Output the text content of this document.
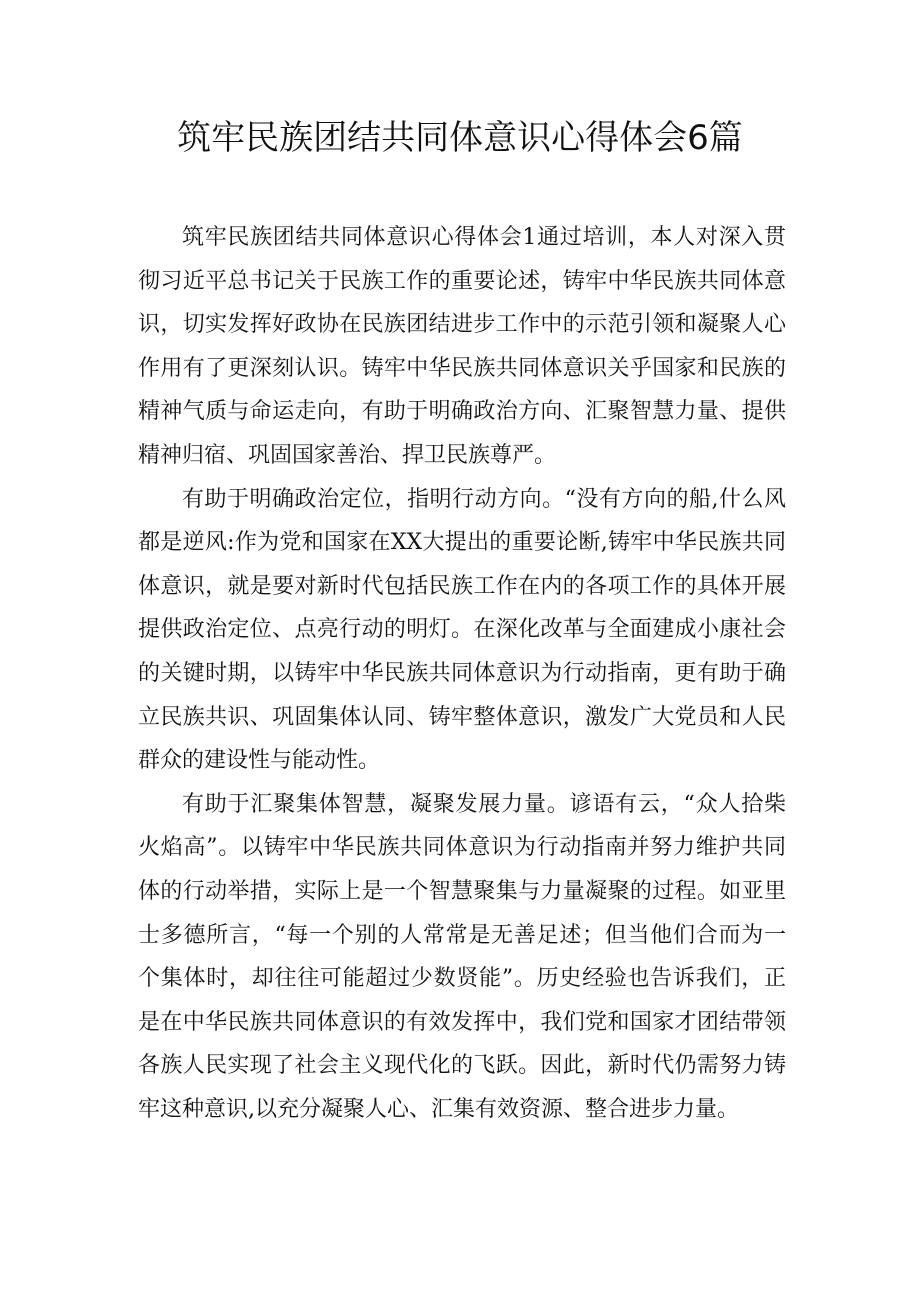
筑牢民族团结共同体意识心得体会6篇

筑牢民族团结共同体意识心得体会1通过培训，本人对深入贯彻习近平总书记关于民族工作的重要论述，铸牢中华民族共同体意识，切实发挥好政协在民族团结进步工作中的示范引领和凝聚人心作用有了更深刻认识。铸牢中华民族共同体意识关乎国家和民族的精神气质与命运走向，有助于明确政治方向、汇聚智慧力量、提供精神归宿、巩固国家善治、捍卫民族尊严。

有助于明确政治定位，指明行动方向。“没有方向的船,什么风都是逆风:作为党和国家在XX大提出的重要论断,铸牢中华民族共同体意识，就是要对新时代包括民族工作在内的各项工作的具体开展提供政治定位、点亮行动的明灯。在深化改革与全面建成小康社会的关键时期，以铸牢中华民族共同体意识为行动指南，更有助于确立民族共识、巩固集体认同、铸牢整体意识，激发广大党员和人民群众的建设性与能动性。

有助于汇聚集体智慧，凝聚发展力量。谚语有云，“众人拾柴火焰高”。以铸牢中华民族共同体意识为行动指南并努力维护共同体的行动举措，实际上是一个智慧聚集与力量凝聚的过程。如亚里士多德所言，“每一个别的人常常是无善足述；但当他们合而为一个集体时，却往往可能超过少数贤能”。历史经验也告诉我们，正是在中华民族共同体意识的有效发挥中，我们党和国家才团结带领各族人民实现了社会主义现代化的飞跃。因此，新时代仍需努力铸牢这种意识,以充分凝聚人心、汇集有效资源、整合进步力量。
